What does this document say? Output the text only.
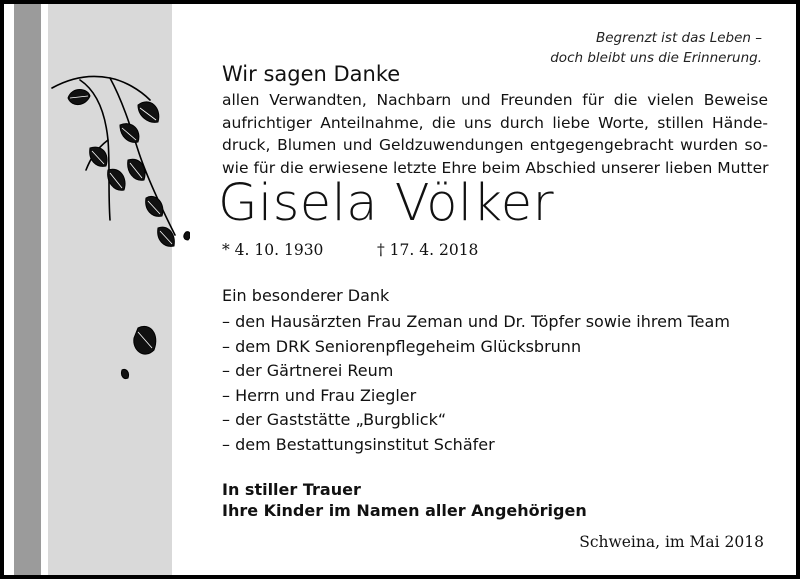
Begrenzt ist das Leben –
doch bleibt uns die Erinnerung.
Wir sagen Danke
allen Verwandten, Nachbarn und Freunden für die vielen Beweise
aufrichtiger Anteilnahme, die uns durch liebe Worte, stillen Hände-
druck, Blumen und Geldzuwendungen entgegengebracht wurden so-
wie für die erwiesene letzte Ehre beim Abschied unserer lieben Mutter
Gisela Völker
* 4. 10. 1930	† 17. 4. 2018
Ein besonderer Dank
– den Hausärzten Frau Zeman und Dr. Töpfer sowie ihrem Team
– dem DRK Seniorenpflegeheim Glücksbrunn
– der Gärtnerei Reum
– Herrn und Frau Ziegler
– der Gaststätte „Burgblick“
– dem Bestattungsinstitut Schäfer
In stiller Trauer
Ihre Kinder im Namen aller Angehörigen
Schweina, im Mai 2018
